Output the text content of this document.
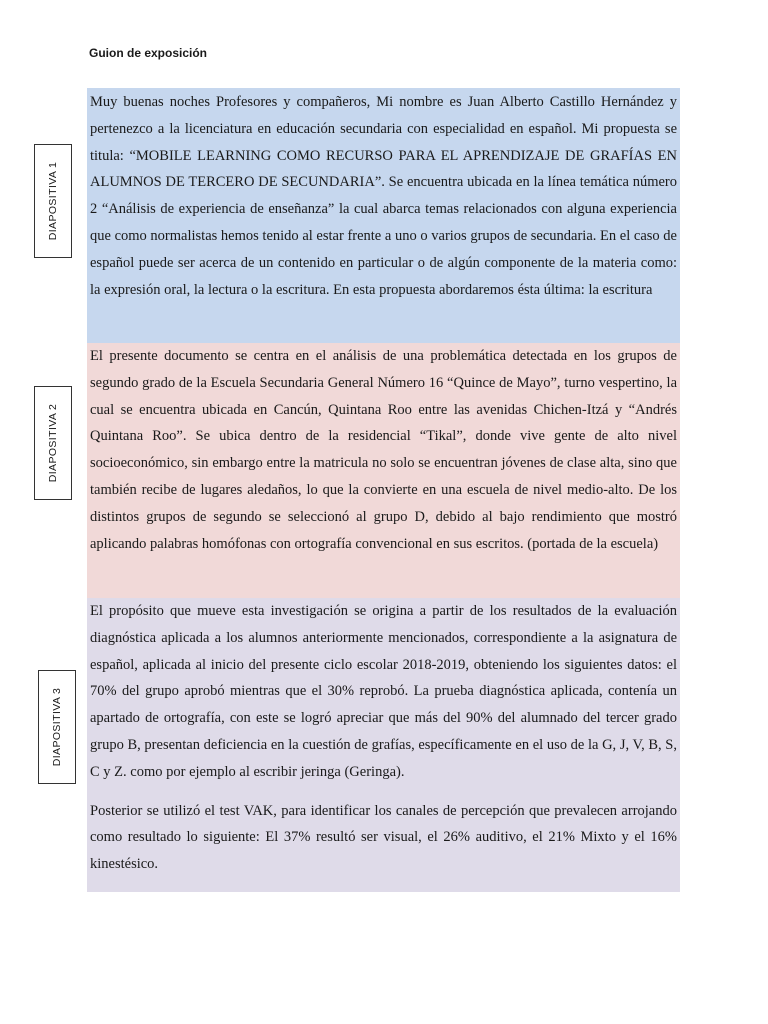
Guion de exposición
DIAPOSITIVA 1

Muy buenas noches Profesores y compañeros, Mi nombre es Juan Alberto Castillo Hernández y pertenezco a la licenciatura en educación secundaria con especialidad en español. Mi propuesta se titula: “MOBILE LEARNING COMO RECURSO PARA EL APRENDIZAJE DE GRAFÍAS EN ALUMNOS DE TERCERO DE SECUNDARIA”. Se encuentra ubicada en la línea temática número 2 “Análisis de experiencia de enseñanza” la cual abarca temas relacionados con alguna experiencia que como normalistas hemos tenido al estar frente a uno o varios grupos de secundaria. En el caso de español puede ser acerca de un contenido en particular o de algún componente de la materia como: la expresión oral, la lectura o la escritura. En esta propuesta abordaremos ésta última: la escritura

DIAPOSITIVA 2

El presente documento se centra en el análisis de una problemática detectada en los grupos de segundo grado de la Escuela Secundaria General Número 16 “Quince de Mayo”, turno vespertino, la cual se encuentra ubicada en Cancún, Quintana Roo entre las avenidas Chichen-Itzá y “Andrés Quintana Roo”. Se ubica dentro de la residencial “Tikal”, donde vive gente de alto nivel socioeconómico, sin embargo entre la matricula no solo se encuentran jóvenes de clase alta, sino que también recibe de lugares aledaños, lo que la convierte en una escuela de nivel medio-alto. De los distintos grupos de segundo se seleccionó al grupo D, debido al bajo rendimiento que mostró aplicando palabras homófonas con ortografía convencional en sus escritos. (portada de la escuela)

DIAPOSITIVA 3

El propósito que mueve esta investigación se origina a partir de los resultados de la evaluación diagnóstica aplicada a los alumnos anteriormente mencionados, correspondiente a la asignatura de español, aplicada al inicio del presente ciclo escolar 2018-2019, obteniendo los siguientes datos: el 70% del grupo aprobó mientras que el 30% reprobó. La prueba diagnóstica aplicada, contenía un apartado de ortografía, con este se logró apreciar que más del 90% del alumnado del tercer grado grupo B, presentan deficiencia en la cuestión de grafías, específicamente en el uso de la G, J, V, B, S, C y Z. como por ejemplo al escribir jeringa (Geringa).

Posterior se utilizó el test VAK, para identificar los canales de percepción que prevalecen arrojando como resultado lo siguiente: El 37% resultó ser visual, el 26% auditivo, el 21% Mixto y el 16% kinestésico.
